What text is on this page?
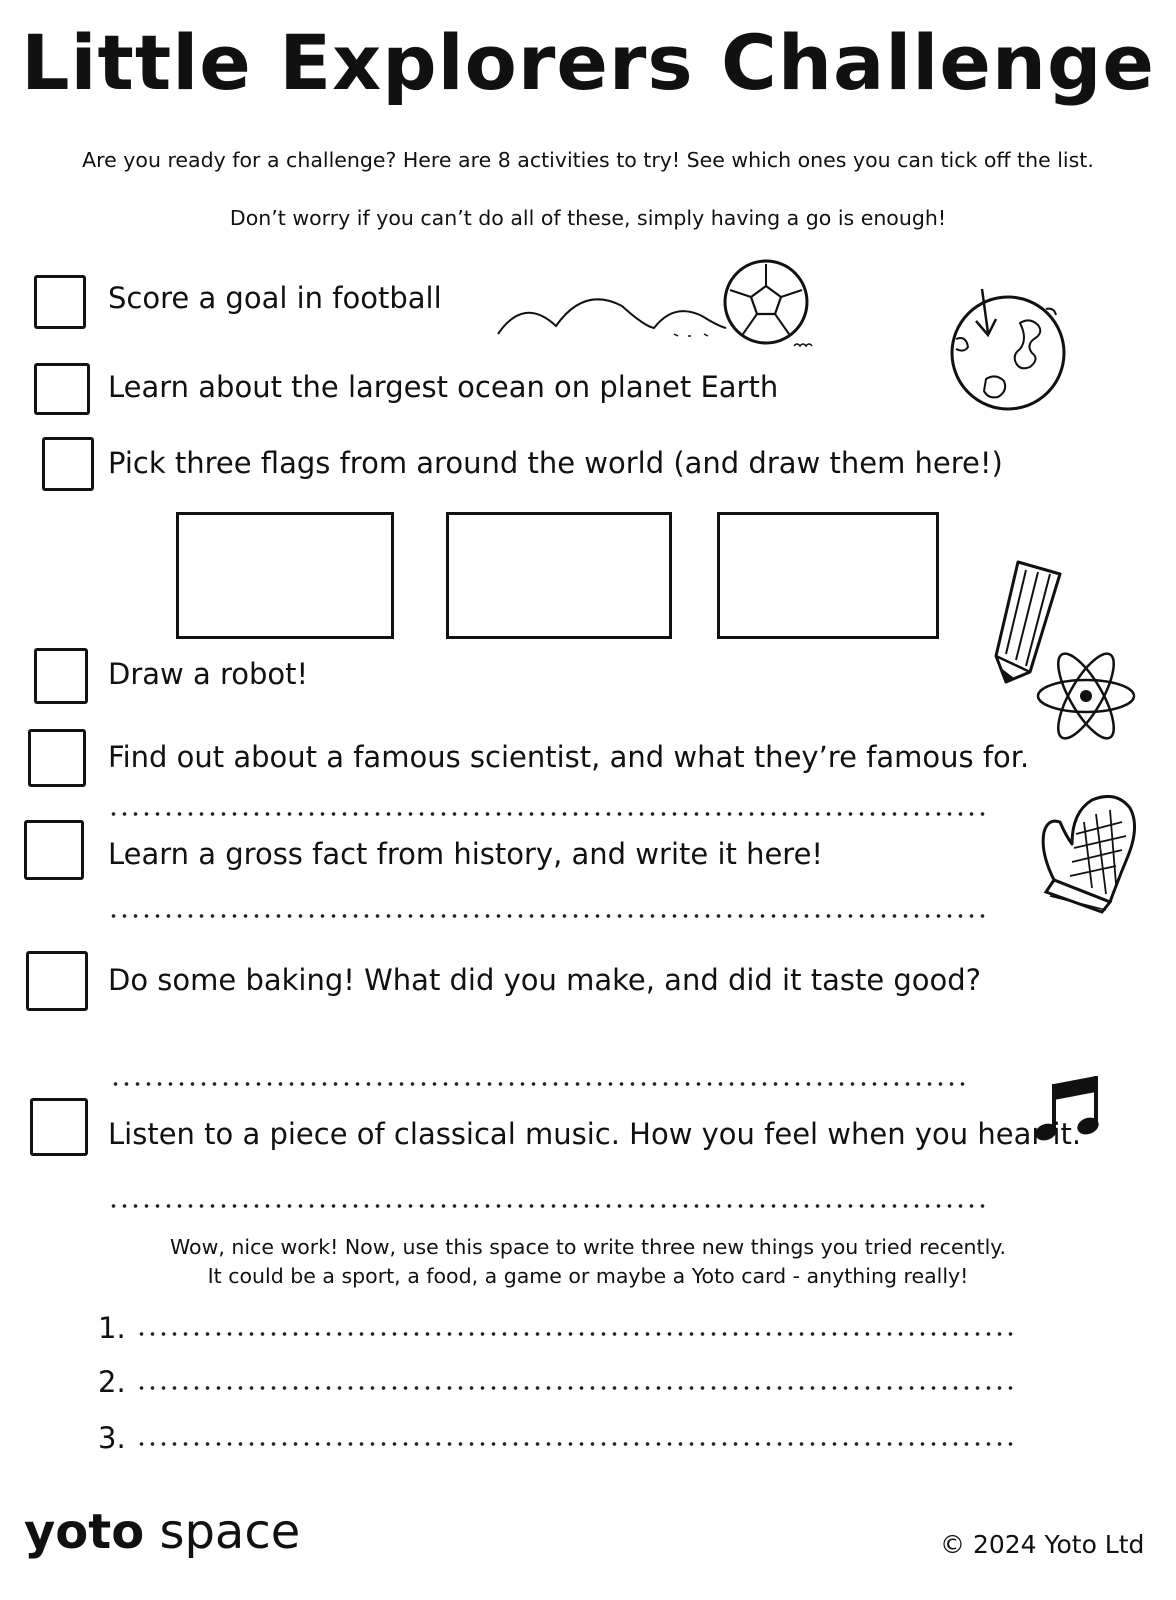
Little Explorers Challenge
Are you ready for a challenge? Here are 8 activities to try! See which ones you can tick off the list.
Don’t worry if you can’t do all of these, simply having a go is enough!
Score a goal in football
Learn about the largest ocean on planet Earth
Pick three flags from around the world (and draw them here!)
Draw a robot!
Find out about a famous scientist, and what they’re famous for.
Learn a gross fact from history, and write it here!
Do some baking! What did you make, and did it taste good?
Listen to a piece of classical music. How you feel when you hear it.
Wow, nice work! Now, use this space to write three new things you tried recently.
It could be a sport, a food, a game or maybe a Yoto card - anything really!
1.
2.
3.
yoto space	© 2024 Yoto Ltd
